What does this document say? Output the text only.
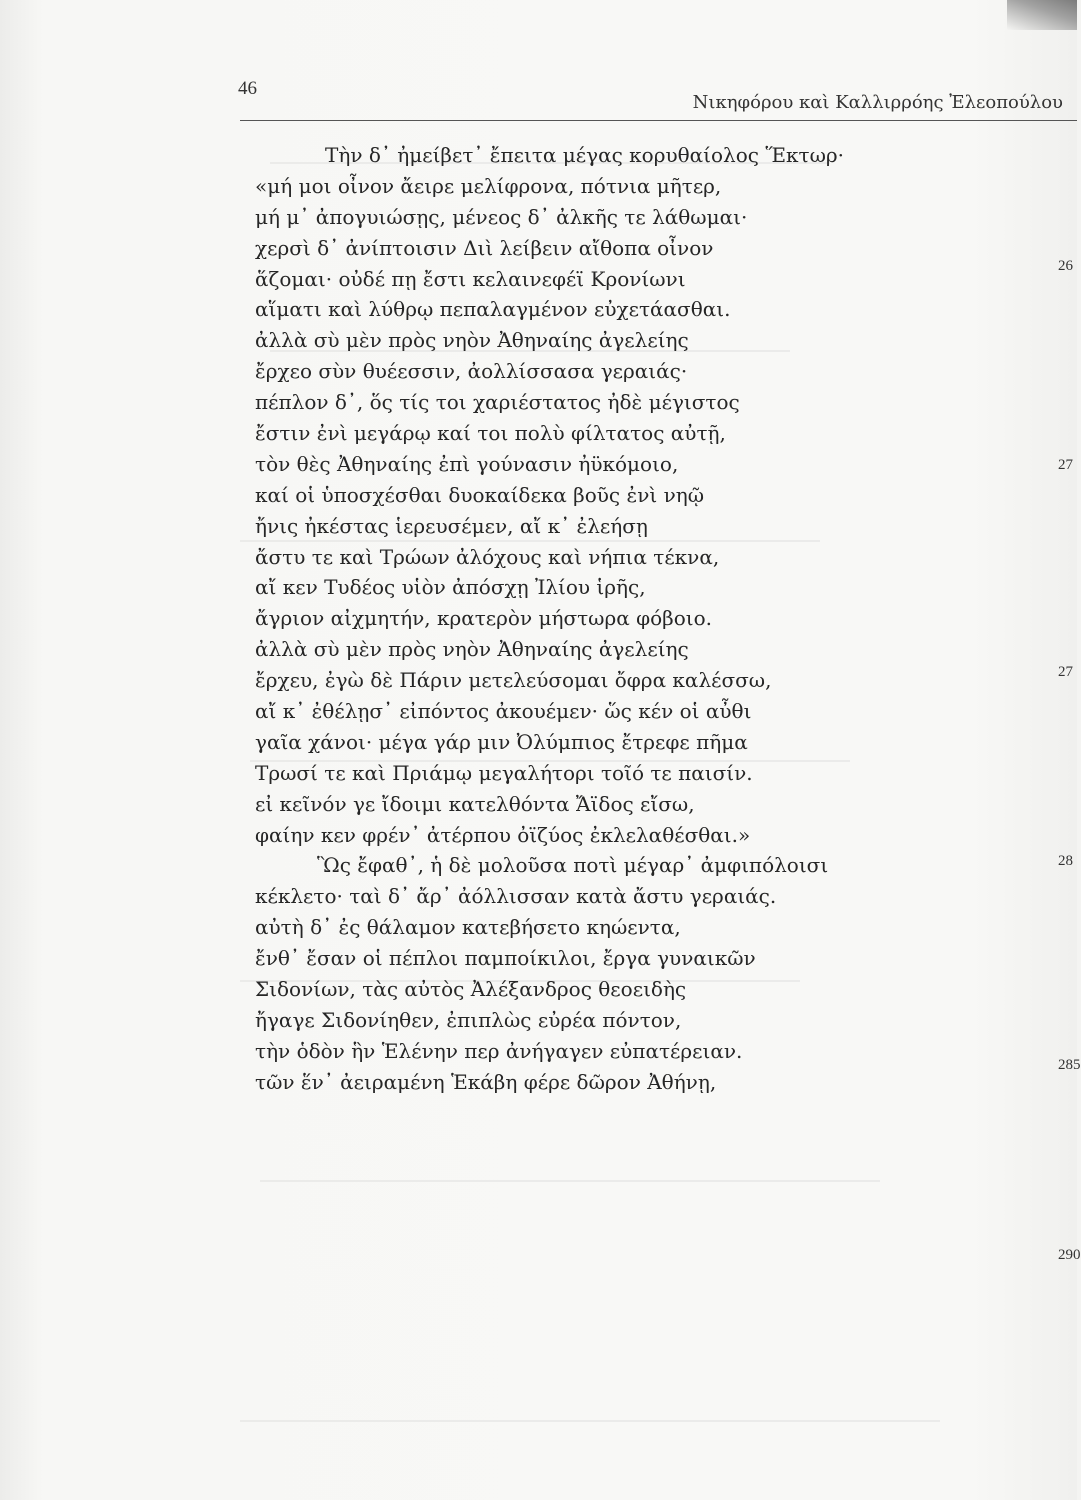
46
Νικηφόρου καὶ Καλλιρρόης Ἐλεοπούλου
Τὴν δ᾽ ἠμείβετ᾽ ἔπειτα μέγας κορυθαίολος Ἕκτωρ·
«μή μοι οἶνον ἄειρε μελίφρονα, πότνια μῆτερ,
μή μ᾽ ἀπογυιώσῃς, μένεος δ᾽ ἀλκῆς τε λάθωμαι·
χερσὶ δ᾽ ἀνίπτοισιν Διὶ λείβειν αἴθοπα οἶνον
ἅζομαι· οὐδέ πῃ ἔστι κελαινεφέϊ Κρονίωνι
αἵματι καὶ λύθρῳ πεπαλαγμένον εὐχετάασθαι.
ἀλλὰ σὺ μὲν πρὸς νηὸν Ἀθηναίης ἀγελείης
ἔρχεο σὺν θυέεσσιν, ἀολλίσσασα γεραιάς·
πέπλον δ᾽, ὅς τίς τοι χαριέστατος ἠδὲ μέγιστος
ἔστιν ἐνὶ μεγάρῳ καί τοι πολὺ φίλτατος αὐτῇ,
τὸν θὲς Ἀθηναίης ἐπὶ γούνασιν ἠϋκόμοιο,
καί οἱ ὑποσχέσθαι δυοκαίδεκα βοῦς ἐνὶ νηῷ
ἤνις ἠκέστας ἱερευσέμεν, αἴ κ᾽ ἐλεήσῃ
ἄστυ τε καὶ Τρώων ἀλόχους καὶ νήπια τέκνα,
αἴ κεν Τυδέος υἱὸν ἀπόσχῃ Ἰλίου ἱρῆς,
ἄγριον αἰχμητήν, κρατερὸν μήστωρα φόβοιο.
ἀλλὰ σὺ μὲν πρὸς νηὸν Ἀθηναίης ἀγελείης
ἔρχευ, ἐγὼ δὲ Πάριν μετελεύσομαι ὄφρα καλέσσω,
αἴ κ᾽ ἐθέλῃσ᾽ εἰπόντος ἀκουέμεν· ὥς κέν οἱ αὖθι
γαῖα χάνοι· μέγα γάρ μιν Ὀλύμπιος ἔτρεφε πῆμα
Τρωσί τε καὶ Πριάμῳ μεγαλήτορι τοῖό τε παισίν.
εἰ κεῖνόν γε ἴδοιμι κατελθόντα Ἄϊδος εἴσω,
φαίην κεν φρέν᾽ ἀτέρπου ὀϊζύος ἐκλελαθέσθαι.»
Ὣς ἔφαθ᾽, ἡ δὲ μολοῦσα ποτὶ μέγαρ᾽ ἀμφιπόλοισι
κέκλετο· ταὶ δ᾽ ἄρ᾽ ἀόλλισσαν κατὰ ἄστυ γεραιάς.
αὐτὴ δ᾽ ἐς θάλαμον κατεβήσετο κηώεντα,
ἔνθ᾽ ἔσαν οἱ πέπλοι παμποίκιλοι, ἔργα γυναικῶν
Σιδονίων, τὰς αὐτὸς Ἀλέξανδρος θεοειδὴς
ἤγαγε Σιδονίηθεν, ἐπιπλὼς εὐρέα πόντον,
τὴν ὁδὸν ἣν Ἑλένην περ ἀνήγαγεν εὐπατέρειαν.
τῶν ἕν᾽ ἀειραμένη Ἑκάβη φέρε δῶρον Ἀθήνῃ,
26
27
27
28
285
290
